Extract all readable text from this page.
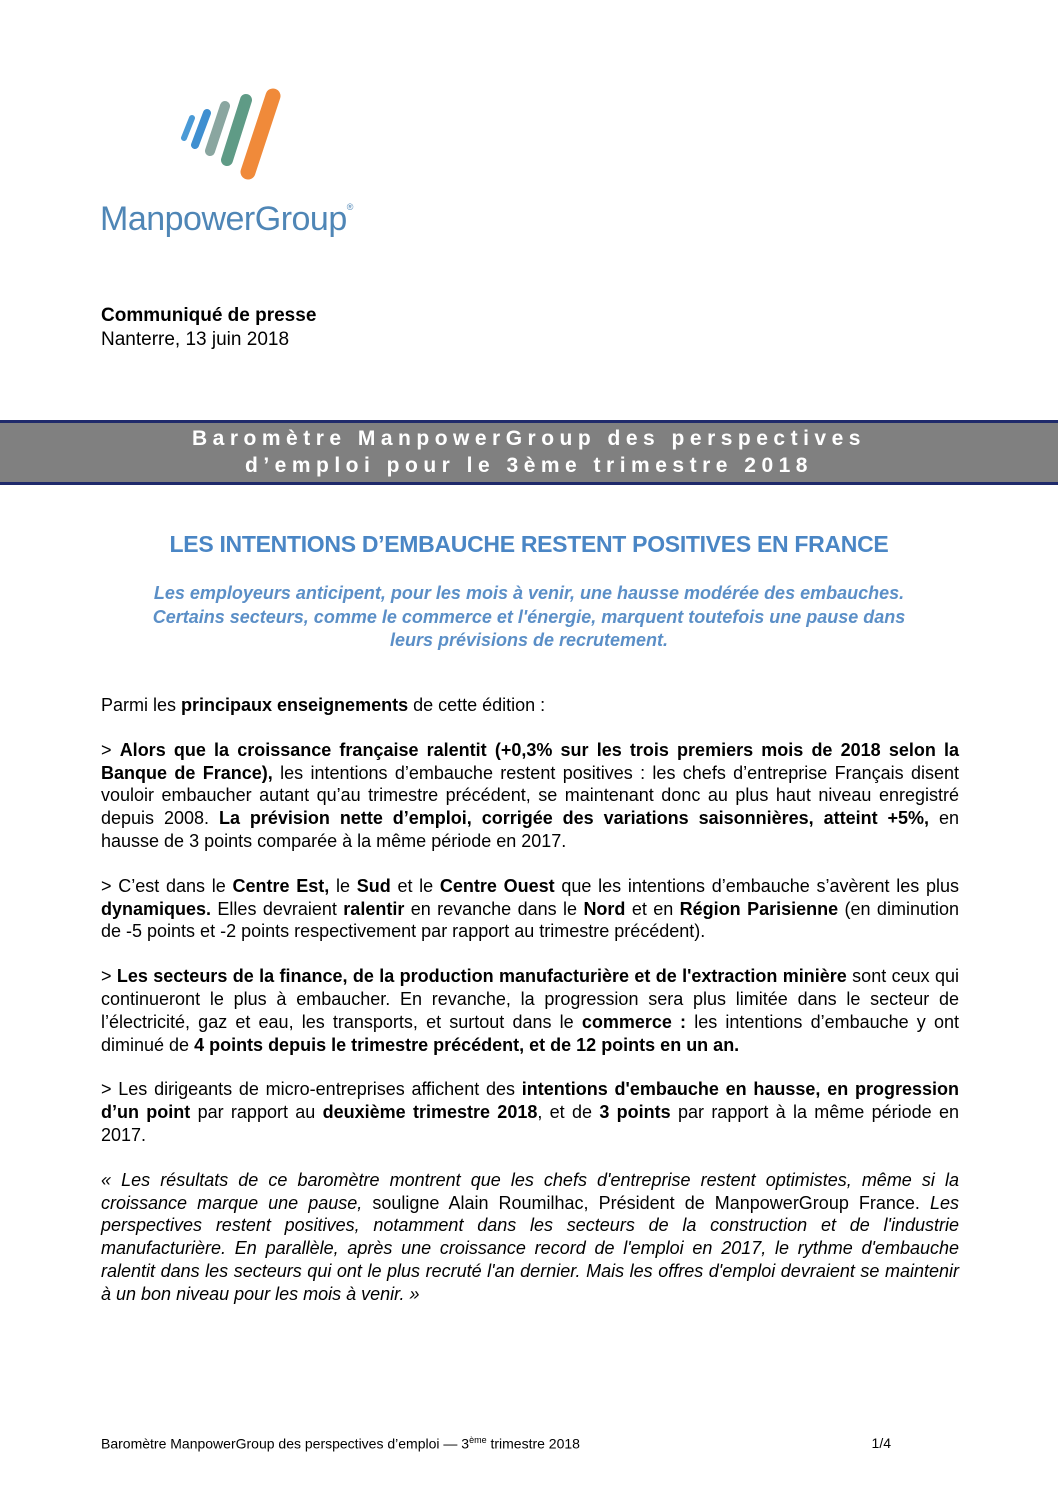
ManpowerGroup®
Communiqué de presse
Nanterre, 13 juin 2018
Baromètre ManpowerGroup des perspectives
d’emploi pour le 3ème trimestre 2018
LES INTENTIONS D’EMBAUCHE RESTENT POSITIVES EN FRANCE
Les employeurs anticipent, pour les mois à venir, une hausse modérée des embauches.
Certains secteurs, comme le commerce et l'énergie, marquent toutefois une pause dans
leurs prévisions de recrutement.

Parmi les principaux enseignements de cette édition :

> Alors que la croissance française ralentit (+0,3% sur les trois premiers mois de 2018 selon la Banque de France), les intentions d’embauche restent positives : les chefs d’entreprise Français disent vouloir embaucher autant qu’au trimestre précédent, se maintenant donc au plus haut niveau enregistré depuis 2008. La prévision nette d’emploi, corrigée des variations saisonnières, atteint +5%, en hausse de 3 points comparée à la même période en 2017.

> C’est dans le Centre Est, le Sud et le Centre Ouest que les intentions d’embauche s’avèrent les plus dynamiques. Elles devraient ralentir en revanche dans le Nord et en Région Parisienne (en diminution de -5 points et -2 points respectivement par rapport au trimestre précédent).

> Les secteurs de la finance, de la production manufacturière et de l'extraction minière sont ceux qui continueront le plus à embaucher. En revanche, la progression sera plus limitée dans le secteur de l’électricité, gaz et eau, les transports, et surtout dans le commerce : les intentions d’embauche y ont diminué de 4 points depuis le trimestre précédent, et de 12 points en un an.

> Les dirigeants de micro-entreprises affichent des intentions d'embauche en hausse, en progression d’un point par rapport au deuxième trimestre 2018, et de 3 points par rapport à la même période en 2017.

« Les résultats de ce baromètre montrent que les chefs d'entreprise restent optimistes, même si la croissance marque une pause, souligne Alain Roumilhac, Président de ManpowerGroup France. Les perspectives restent positives, notamment dans les secteurs de la construction et de l'industrie manufacturière. En parallèle, après une croissance record de l'emploi en 2017, le rythme d'embauche ralentit dans les secteurs qui ont le plus recruté l'an dernier. Mais les offres d'emploi devraient se maintenir à un bon niveau pour les mois à venir. »

Baromètre ManpowerGroup des perspectives d’emploi — 3ème trimestre 2018	1/4
